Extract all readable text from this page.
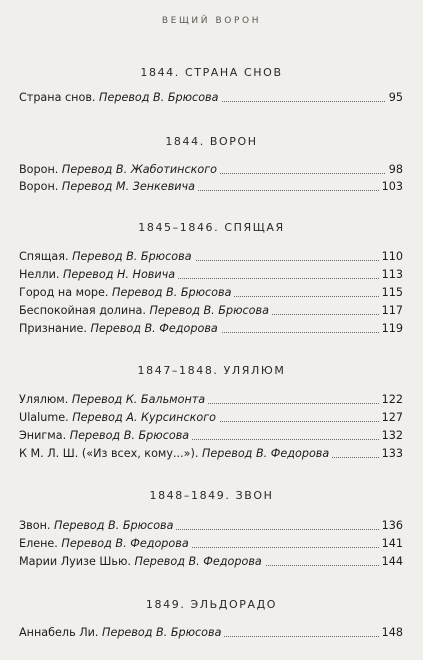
ВЕЩИЙ ВОРОН
1844. СТРАНА СНОВ
Страна снов. Перевод В. Брюсова	95
1844. ВОРОН
Ворон. Перевод В. Жаботинского	98
Ворон. Перевод М. Зенкевича	103
1845–1846. СПЯЩАЯ
Спящая. Перевод В. Брюсова	110
Нелли. Перевод Н. Новича	113
Город на море. Перевод В. Брюсова	115
Беспокойная долина. Перевод В. Брюсова	117
Признание. Перевод В. Федорова	119
1847–1848. УЛЯЛЮМ
Улялюм. Перевод К. Бальмонта	122
Ulalume. Перевод А. Курсинского	127
Энигма. Перевод В. Брюсова	132
К М. Л. Ш. («Из всех, кому...»). Перевод В. Федорова	133
1848–1849. ЗВОН
Звон. Перевод В. Брюсова	136
Елене. Перевод В. Федорова	141
Марии Луизе Шью. Перевод В. Федорова	144
1849. ЭЛЬДОРАДО
Аннабель Ли. Перевод В. Брюсова	148
